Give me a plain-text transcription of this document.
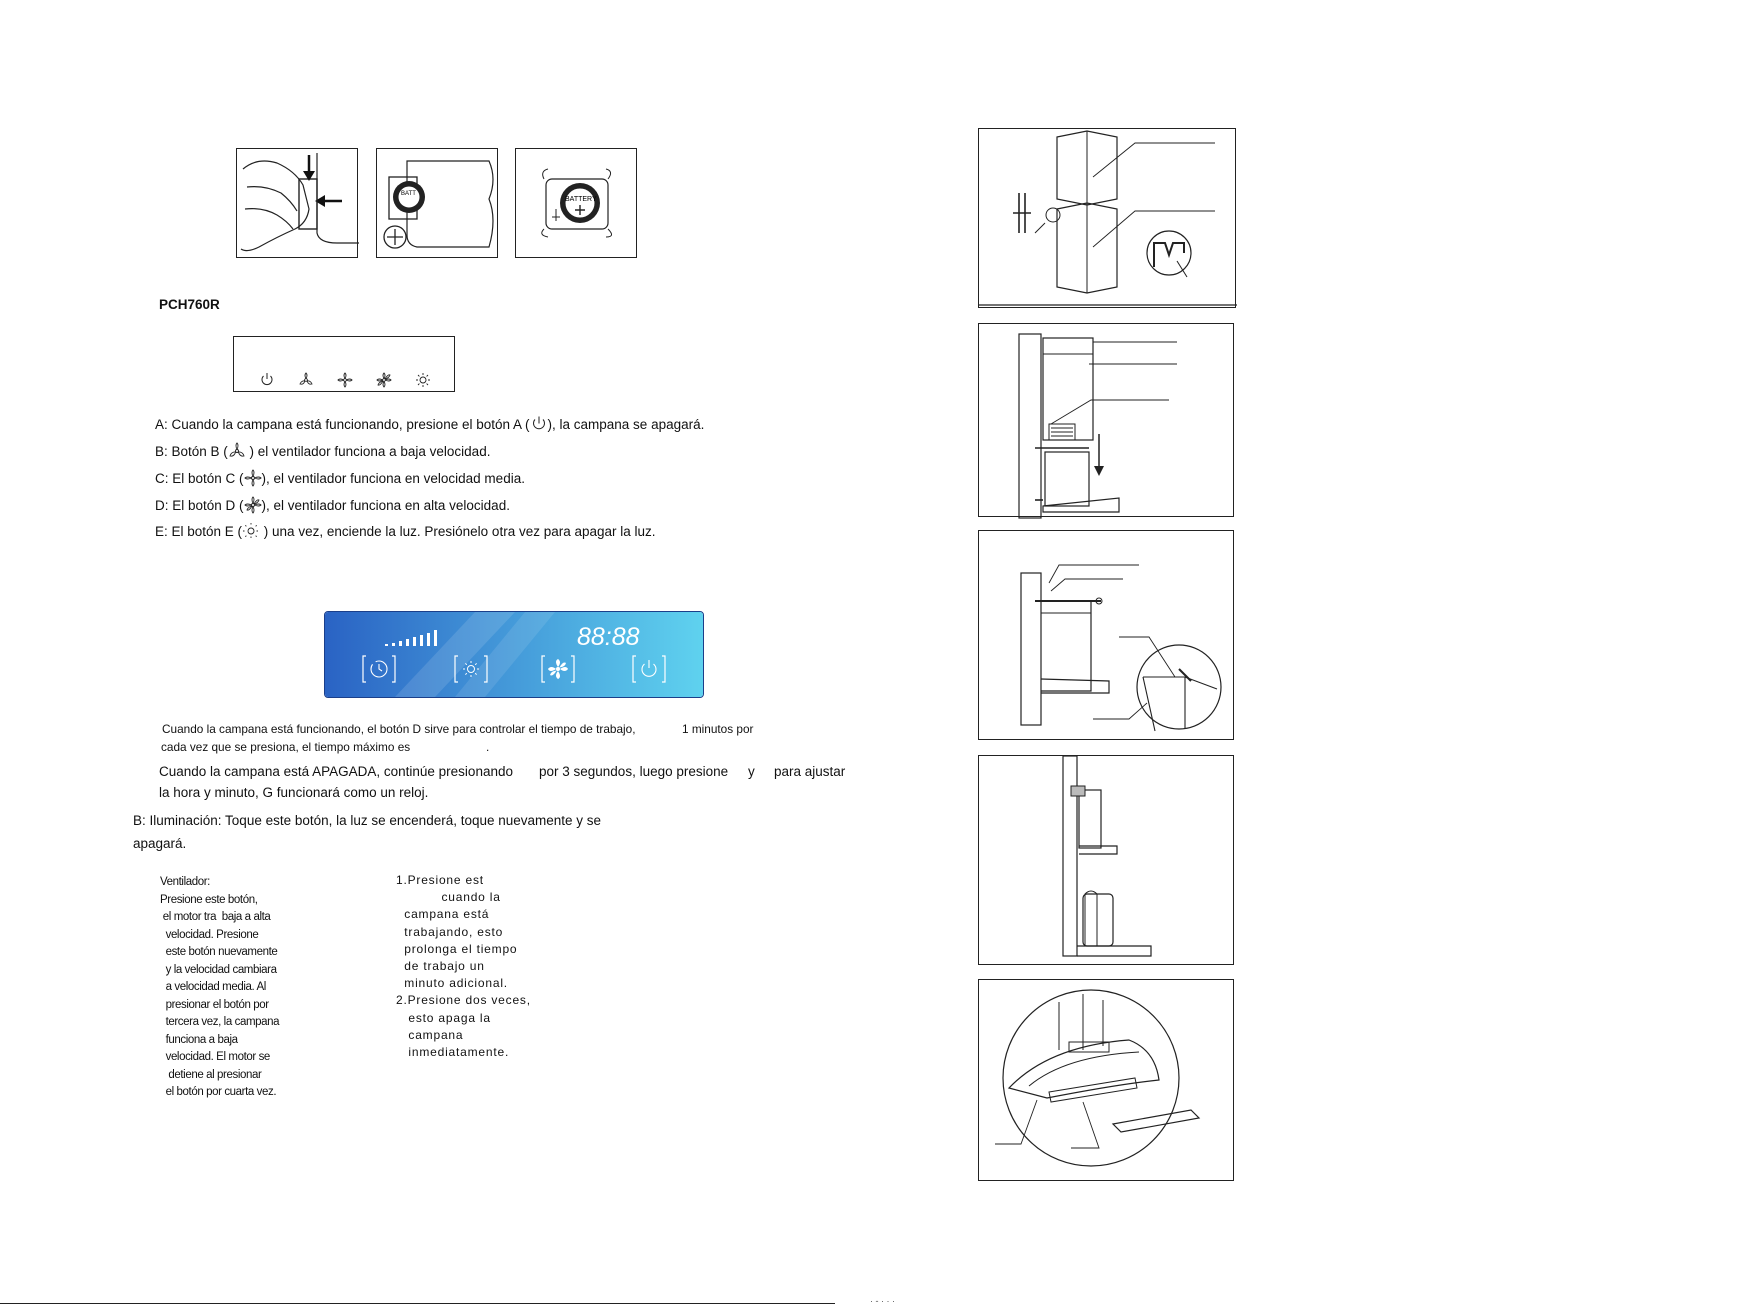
BATT
BATTERY
PCH760R
A: Cuando la campana está funcionando, presione el botón A ( ), la campana se apagará.
B: Botón B ( ) el ventilador funciona a baja velocidad.
C: El botón C ( ), el ventilador funciona en velocidad media.
D: El botón D ( ), el ventilador funciona en alta velocidad.
E: El botón E ( ) una vez, enciende la luz. Presiónelo otra vez para apagar la luz.
88:88
Cuando la campana está funcionando, el botón D sirve para controlar el tiempo de trabajo,	1 minutos por
cada vez que se presiona, el tiempo máximo es	.
Cuando la campana está APAGADA, continúe presionando por 3 segundos, luego presione y para ajustar
la hora y minuto, G funcionará como un reloj.
B: Iluminación: Toque este botón, la luz se encenderá, toque nuevamente y se
apagará.
Ventilador:
Presione este botón,
el motor tra  baja a alta
velocidad. Presione
este botón nuevamente
y la velocidad cambiara
a velocidad media. Al
presionar el botón por
tercera vez, la campana
funciona a baja
velocidad. El motor se
detiene al presionar
el botón por cuarta vez.
1.Presione est
cuando la
campana está
trabajando, esto
prolonga el tiempo
de trabajo un
minuto adicional.
2.Presione dos veces,
esto apaga la
campana
inmediatamente.
· - · · ·
